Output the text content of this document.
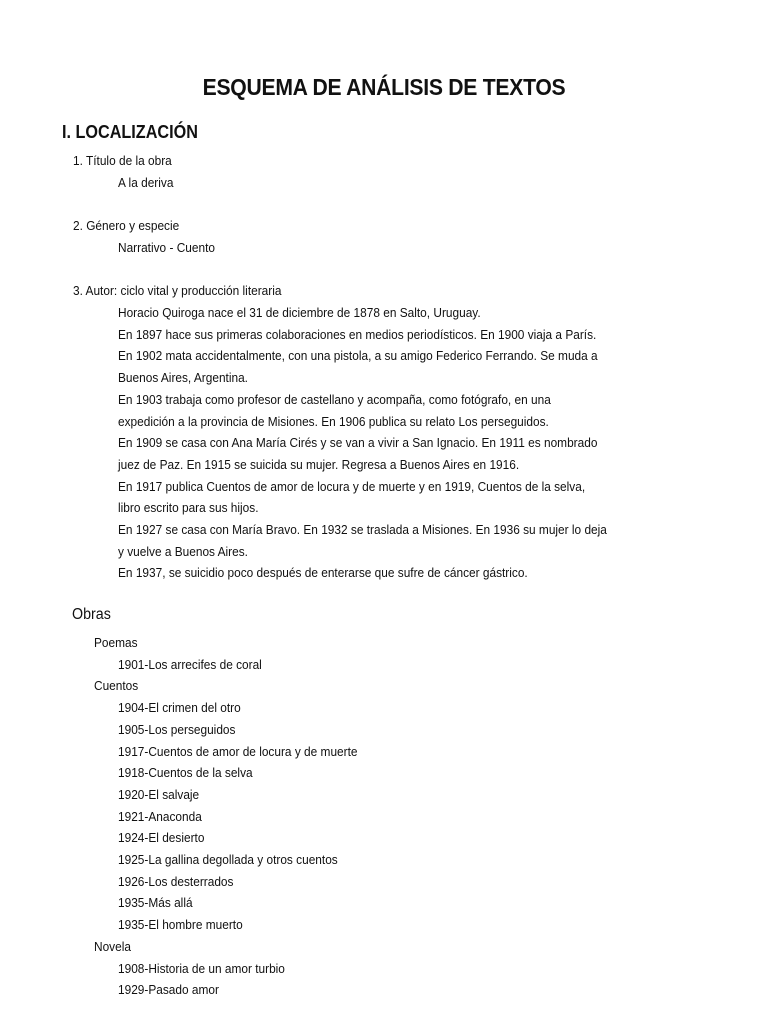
ESQUEMA DE ANÁLISIS DE TEXTOS
I. LOCALIZACIÓN
1. Título de la obra
A la deriva
2. Género y especie
Narrativo - Cuento
3. Autor: ciclo vital y producción literaria
Horacio Quiroga nace el 31 de diciembre de 1878 en Salto, Uruguay.
En 1897 hace sus primeras colaboraciones en medios periodísticos. En 1900 viaja a París.
En 1902 mata accidentalmente, con una pistola, a su amigo Federico Ferrando. Se muda a
Buenos Aires, Argentina.
En 1903 trabaja como profesor de castellano y acompaña, como fotógrafo, en una
expedición a la provincia de Misiones. En 1906 publica su relato Los perseguidos.
En 1909 se casa con Ana María Cirés y se van a vivir a San Ignacio. En 1911 es nombrado
juez de Paz. En 1915 se suicida su mujer. Regresa a Buenos Aires en 1916.
En 1917 publica Cuentos de amor de locura y de muerte y en 1919, Cuentos de la selva,
libro escrito para sus hijos.
En 1927 se casa con María Bravo. En 1932 se traslada a Misiones. En 1936 su mujer lo deja
y vuelve a Buenos Aires.
En 1937, se suicidio poco después de enterarse que sufre de cáncer gástrico.
Obras
Poemas
1901-Los arrecifes de coral
Cuentos
1904-El crimen del otro
1905-Los perseguidos
1917-Cuentos de amor de locura y de muerte
1918-Cuentos de la selva
1920-El salvaje
1921-Anaconda
1924-El desierto
1925-La gallina degollada y otros cuentos
1926-Los desterrados
1935-Más allá
1935-El hombre muerto
Novela
1908-Historia de un amor turbio
1929-Pasado amor
